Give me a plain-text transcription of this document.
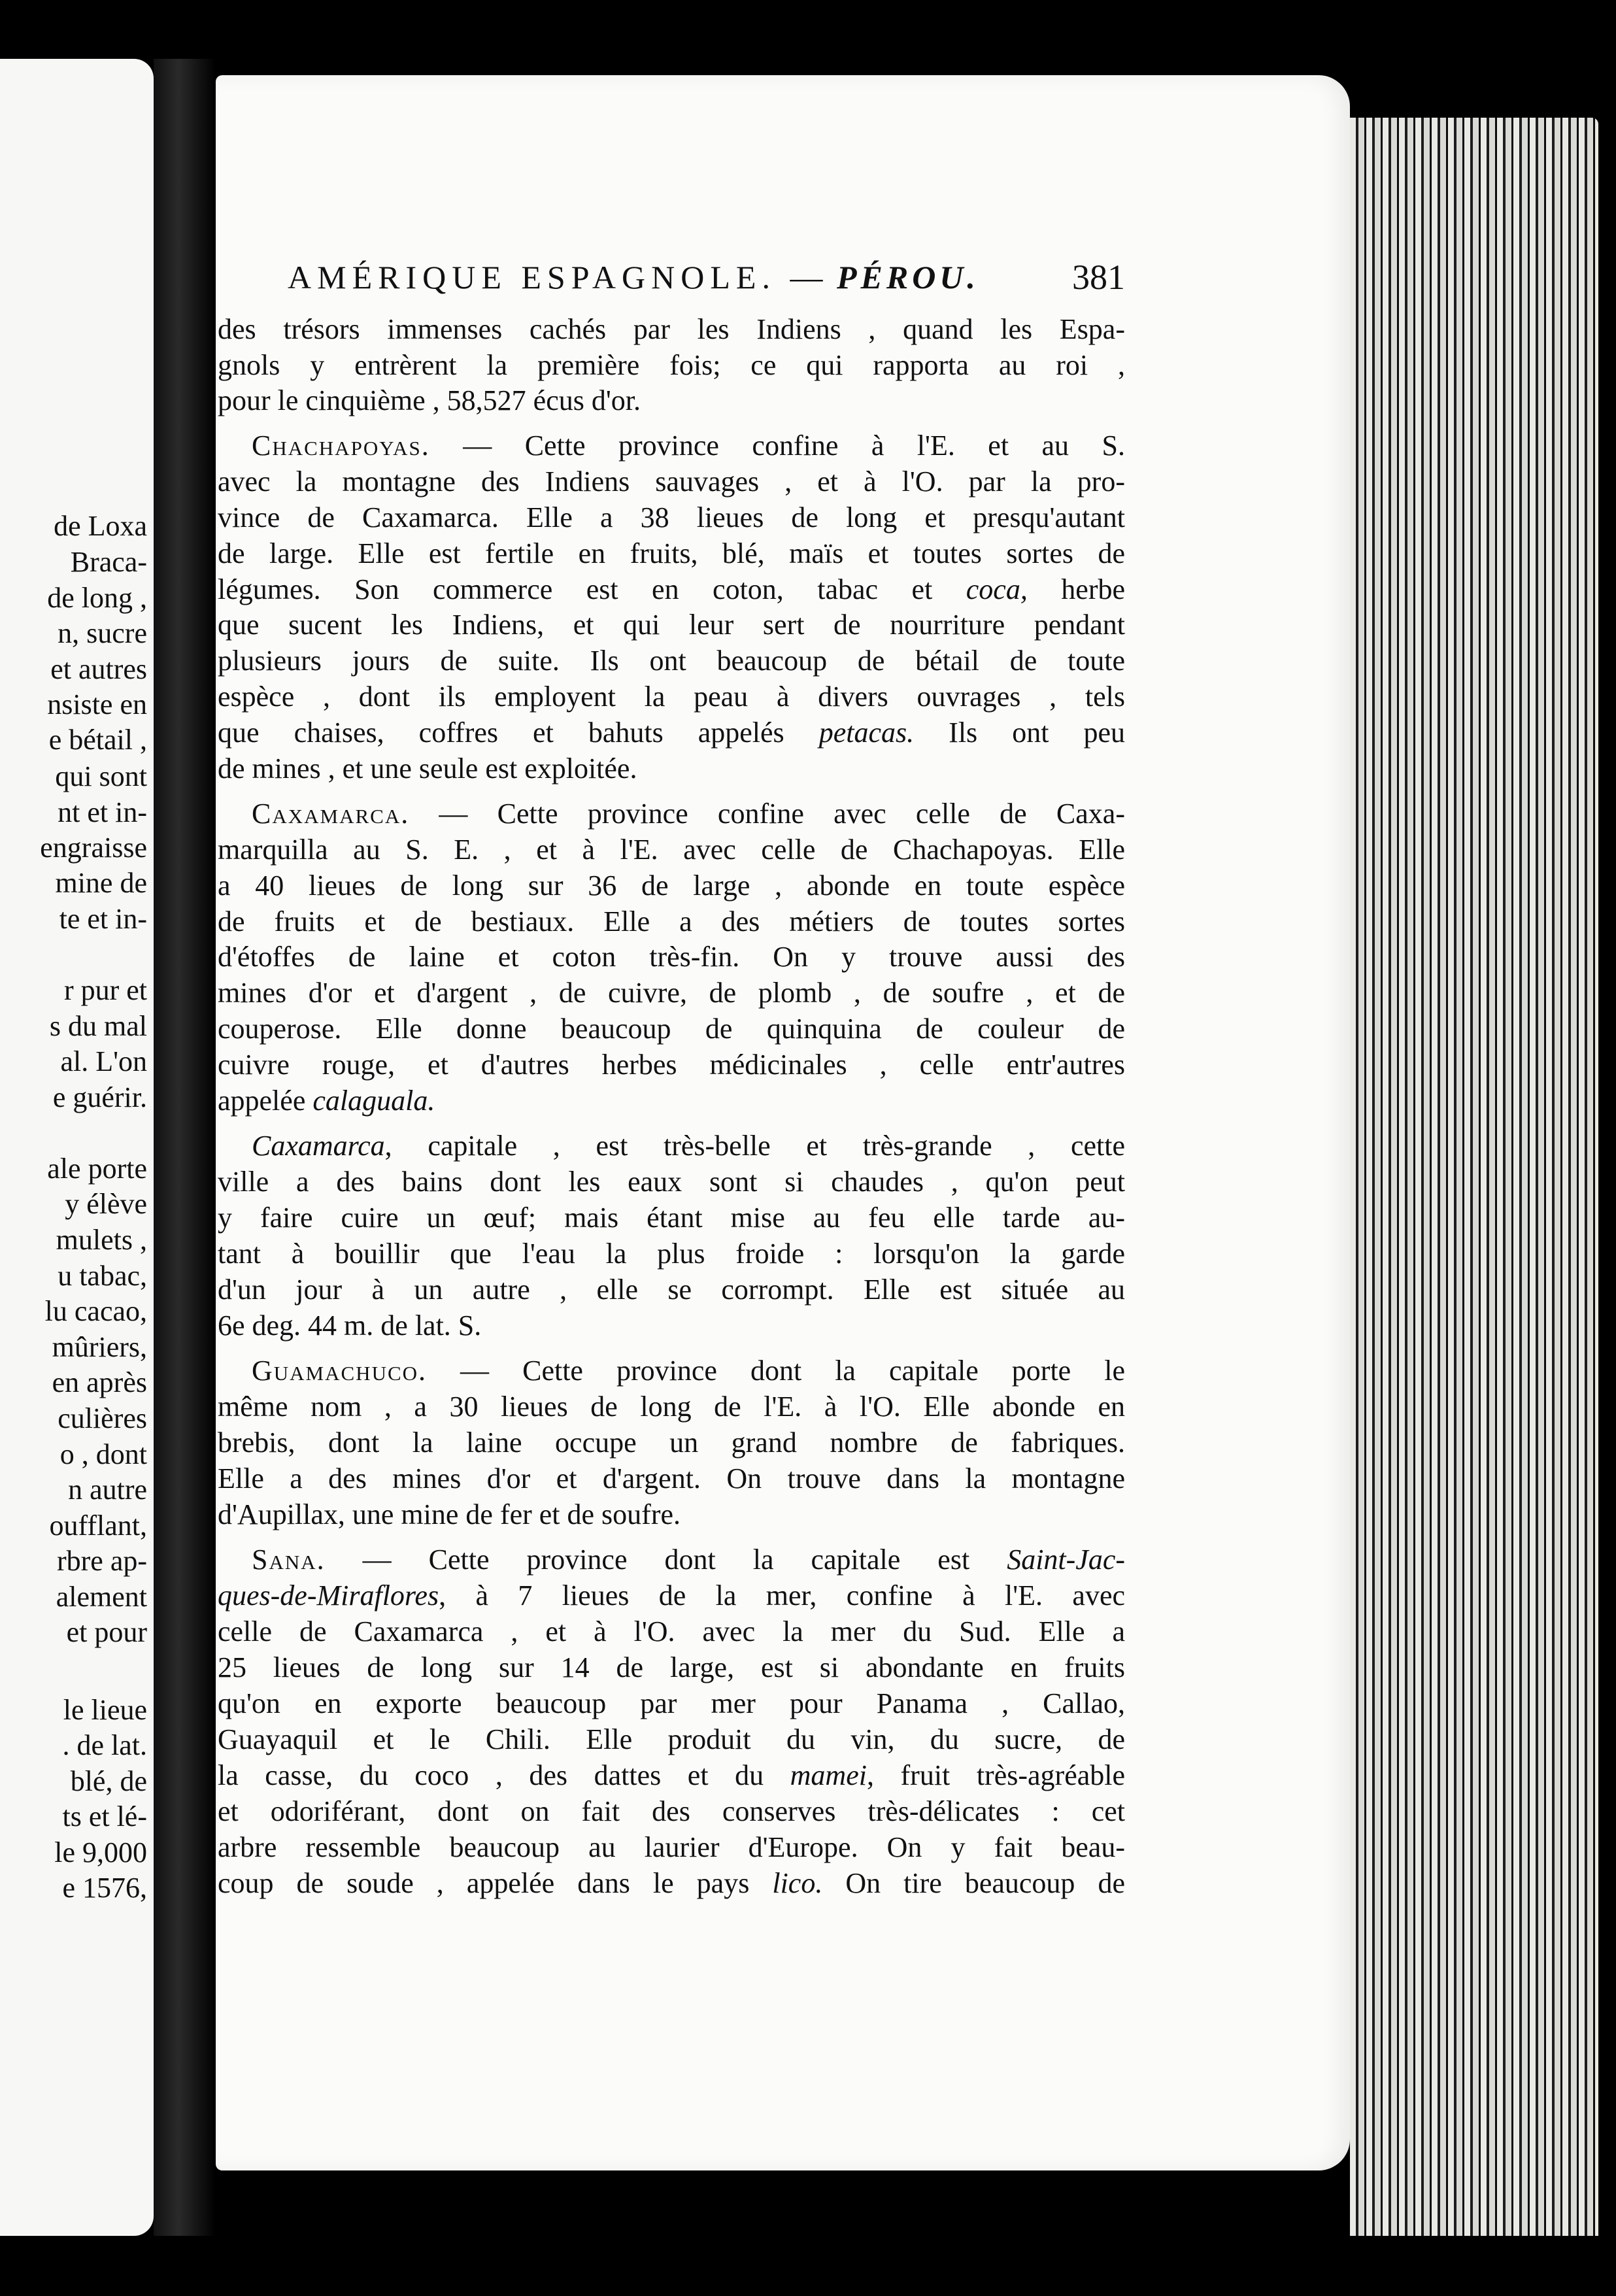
de Loxa
Braca-
de long ,
n, sucre
et autres
nsiste en
e bétail ,
qui sont
nt et in-
engraisse
mine de
te et in-
r pur et
s du mal
al. L'on
e guérir.
ale porte
y élève
mulets ,
u tabac,
lu cacao,
mûriers,
en après
culières
o , dont
n autre
oufflant,
rbre ap-
alement
et pour
le lieue
. de lat.
blé, de
ts et lé-
le 9,000
e 1576,
AMÉRIQUE ESPAGNOLE. — PÉROU.	381
des trésors immenses cachés par les Indiens , quand les Espa-
gnols y entrèrent la première fois; ce qui rapporta au roi ,
pour le cinquième , 58,527 écus d'or.
Chachapoyas. — Cette province confine à l'E. et au S.
avec la montagne des Indiens sauvages , et à l'O. par la pro-
vince de Caxamarca. Elle a 38 lieues de long et presqu'autant
de large. Elle est fertile en fruits, blé, maïs et toutes sortes de
légumes. Son commerce est en coton, tabac et coca, herbe
que sucent les Indiens, et qui leur sert de nourriture pendant
plusieurs jours de suite. Ils ont beaucoup de bétail de toute
espèce , dont ils employent la peau à divers ouvrages , tels
que chaises, coffres et bahuts appelés petacas. Ils ont peu
de mines , et une seule est exploitée.
Caxamarca. — Cette province confine avec celle de Caxa-
marquilla au S. E. , et à l'E. avec celle de Chachapoyas. Elle
a 40 lieues de long sur 36 de large , abonde en toute espèce
de fruits et de bestiaux. Elle a des métiers de toutes sortes
d'étoffes de laine et coton très-fin. On y trouve aussi des
mines d'or et d'argent , de cuivre, de plomb , de soufre , et de
couperose. Elle donne beaucoup de quinquina de couleur de
cuivre rouge, et d'autres herbes médicinales , celle entr'autres
appelée calaguala.
Caxamarca, capitale , est très-belle et très-grande , cette
ville a des bains dont les eaux sont si chaudes , qu'on peut
y faire cuire un œuf; mais étant mise au feu elle tarde au-
tant à bouillir que l'eau la plus froide : lorsqu'on la garde
d'un jour à un autre , elle se corrompt. Elle est située au
6e deg. 44 m. de lat. S.
Guamachuco. — Cette province dont la capitale porte le
même nom , a 30 lieues de long de l'E. à l'O. Elle abonde en
brebis, dont la laine occupe un grand nombre de fabriques.
Elle a des mines d'or et d'argent. On trouve dans la montagne
d'Aupillax, une mine de fer et de soufre.
Sana. — Cette province dont la capitale est Saint-Jac-
ques-de-Miraflores, à 7 lieues de la mer, confine à l'E. avec
celle de Caxamarca , et à l'O. avec la mer du Sud. Elle a
25 lieues de long sur 14 de large, est si abondante en fruits
qu'on en exporte beaucoup par mer pour Panama , Callao,
Guayaquil et le Chili. Elle produit du vin, du sucre, de
la casse, du coco , des dattes et du mamei, fruit très-agréable
et odoriférant, dont on fait des conserves très-délicates : cet
arbre ressemble beaucoup au laurier d'Europe. On y fait beau-
coup de soude , appelée dans le pays lico. On tire beaucoup de
